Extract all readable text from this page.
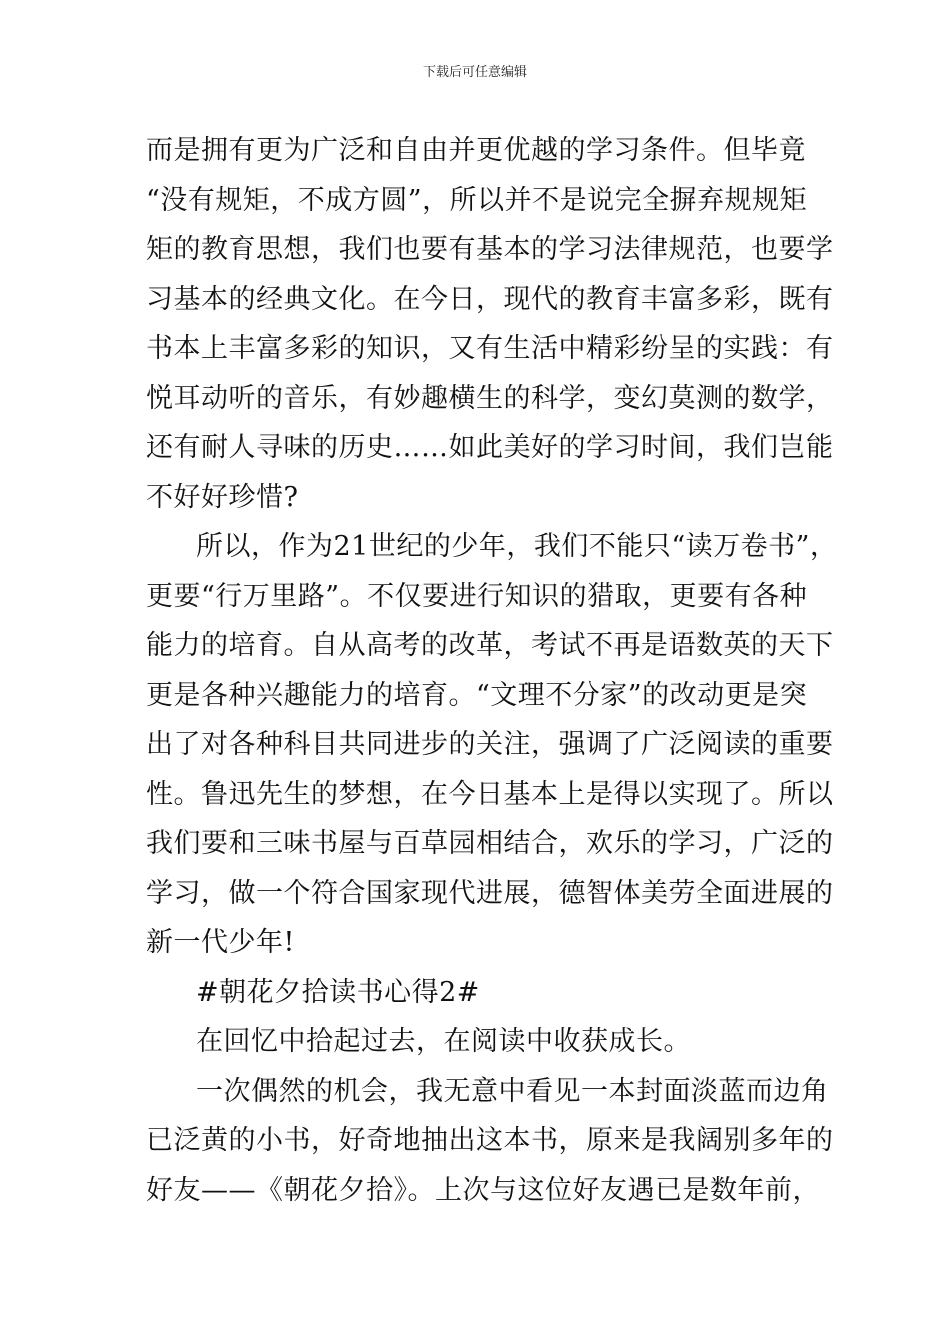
下载后可任意编辑
而是拥有更为广泛和自由并更优越的学习条件。但毕竟
“没有规矩，不成方圆”，所以并不是说完全摒弃规规矩
矩的教育思想，我们也要有基本的学习法律规范，也要学
习基本的经典文化。在今日，现代的教育丰富多彩，既有
书本上丰富多彩的知识，又有生活中精彩纷呈的实践：有
悦耳动听的音乐，有妙趣横生的科学，变幻莫测的数学，
还有耐人寻味的历史……如此美好的学习时间，我们岂能
不好好珍惜?
所以，作为21世纪的少年，我们不能只“读万卷书”，
更要“行万里路”。不仅要进行知识的猎取，更要有各种
能力的培育。自从高考的改革，考试不再是语数英的天下
更是各种兴趣能力的培育。“文理不分家”的改动更是突
出了对各种科目共同进步的关注，强调了广泛阅读的重要
性。鲁迅先生的梦想，在今日基本上是得以实现了。所以
我们要和三味书屋与百草园相结合，欢乐的学习，广泛的
学习，做一个符合国家现代进展，德智体美劳全面进展的
新一代少年!
#朝花夕拾读书心得2#
在回忆中拾起过去，在阅读中收获成长。
一次偶然的机会，我无意中看见一本封面淡蓝而边角
已泛黄的小书，好奇地抽出这本书，原来是我阔别多年的
好友——《朝花夕拾》。上次与这位好友遇已是数年前，
